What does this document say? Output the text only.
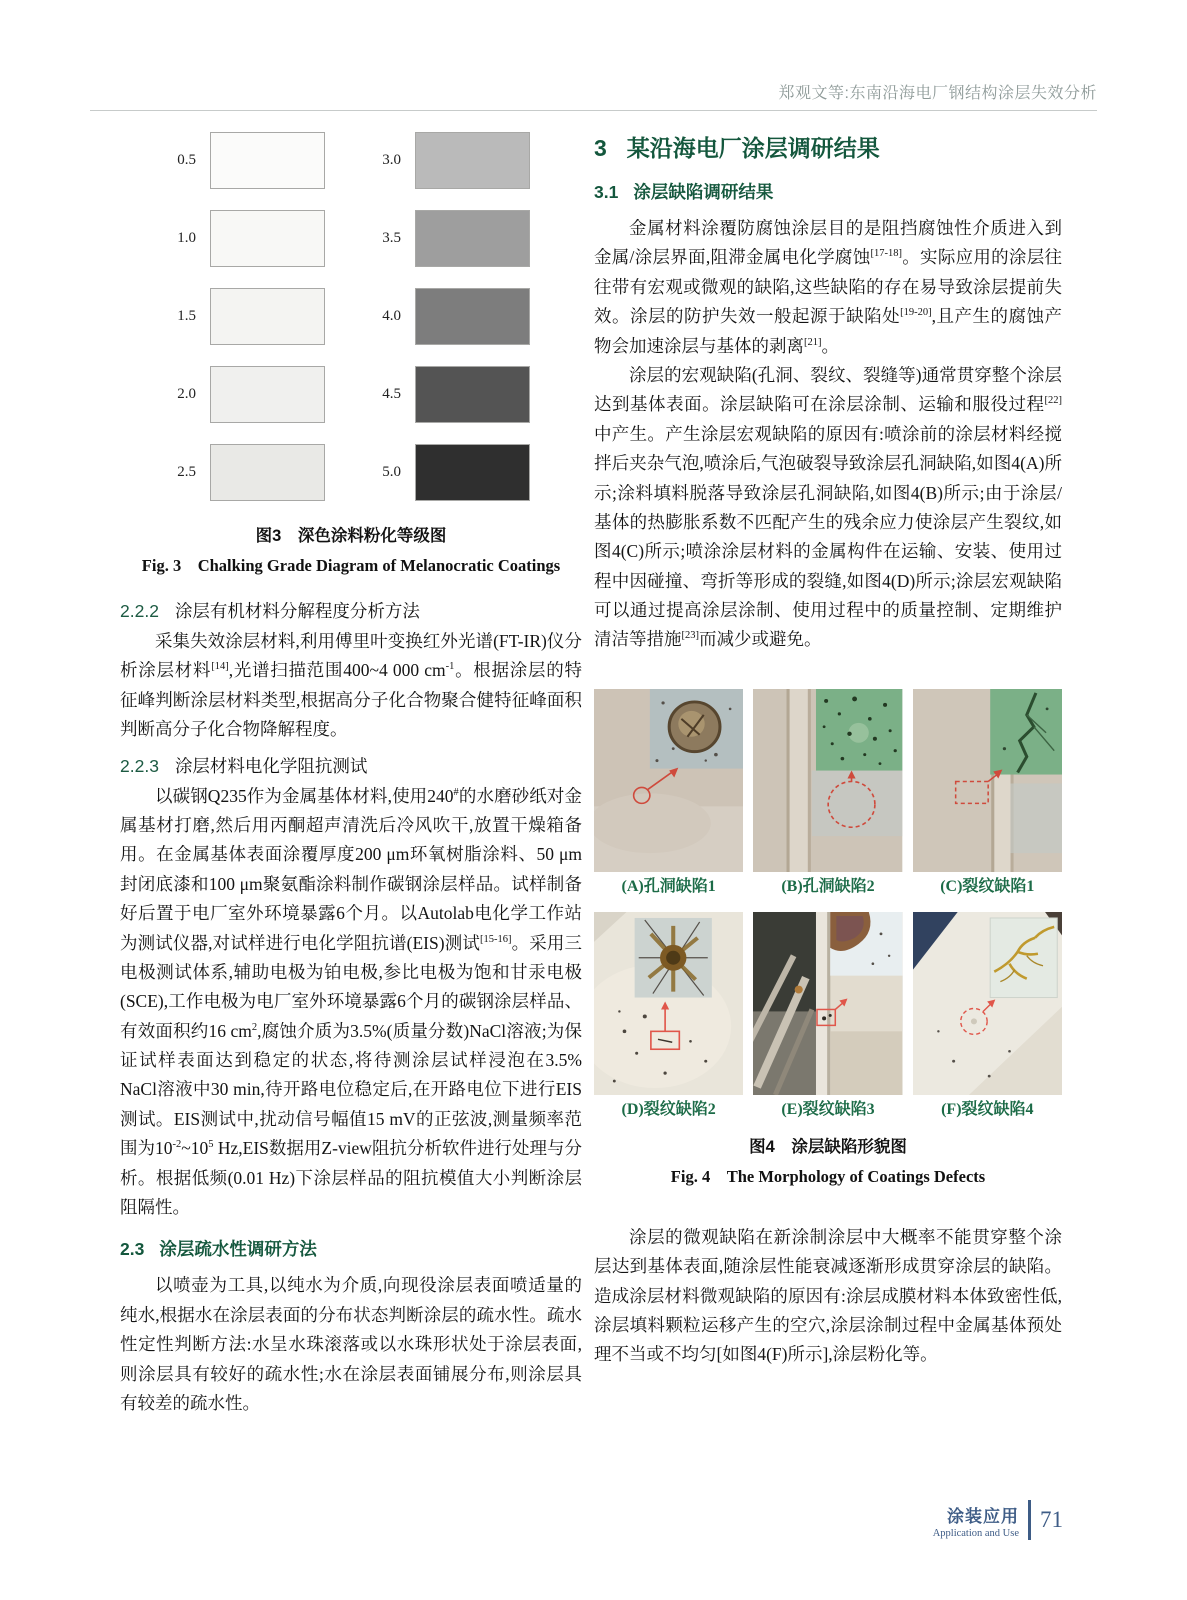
郑观文等:东南沿海电厂钢结构涂层失效分析
0.5	3.0
1.0	3.5
1.5	4.0
2.0	4.5
2.5	5.0
图3　深色涂料粉化等级图
Fig. 3　Chalking Grade Diagram of Melanocratic Coatings
2.2.2 涂层有机材料分解程度分析方法

采集失效涂层材料,利用傅里叶变换红外光谱(FT-IR)仪分析涂层材料[14],光谱扫描范围400~4 000 $cm^{-1}$。根据涂层的特征峰判断涂层材料类型,根据高分子化合物聚合健特征峰面积判断高分子化合物降解程度。

2.2.3 涂层材料电化学阻抗测试

以碳钢Q235作为金属基体材料,使用240#的水磨砂纸对金属基材打磨,然后用丙酮超声清洗后冷风吹干,放置干燥箱备用。在金属基体表面涂覆厚度200 μm环氧树脂涂料、50 μm封闭底漆和100 μm聚氨酯涂料制作碳钢涂层样品。试样制备好后置于电厂室外环境暴露6个月。以Autolab电化学工作站为测试仪器,对试样进行电化学阻抗谱(EIS)测试[15-16]。采用三电极测试体系,辅助电极为铂电极,参比电极为饱和甘汞电极(SCE),工作电极为电厂室外环境暴露6个月的碳钢涂层样品、有效面积约16 $cm^2$,腐蚀介质为3.5%(质量分数)NaCl溶液;为保证试样表面达到稳定的状态,将待测涂层试样浸泡在3.5% NaCl溶液中30 min,待开路电位稳定后,在开路电位下进行EIS测试。EIS测试中,扰动信号幅值15 mV的正弦波,测量频率范围为$10^{-2}\sim 10^5$ Hz,EIS数据用Z-view阻抗分析软件进行处理与分析。根据低频(0.01 Hz)下涂层样品的阻抗模值大小判断涂层阻隔性。

2.3 涂层疏水性调研方法

以喷壶为工具,以纯水为介质,向现役涂层表面喷适量的纯水,根据水在涂层表面的分布状态判断涂层的疏水性。疏水性定性判断方法:水呈水珠滚落或以水珠形状处于涂层表面,则涂层具有较好的疏水性;水在涂层表面铺展分布,则涂层具有较差的疏水性。

3 某沿海电厂涂层调研结果
3.1 涂层缺陷调研结果

金属材料涂覆防腐蚀涂层目的是阻挡腐蚀性介质进入到金属/涂层界面,阻滞金属电化学腐蚀[17-18]。实际应用的涂层往往带有宏观或微观的缺陷,这些缺陷的存在易导致涂层提前失效。涂层的防护失效一般起源于缺陷处[19-20],且产生的腐蚀产物会加速涂层与基体的剥离[21]。

涂层的宏观缺陷(孔洞、裂纹、裂缝等)通常贯穿整个涂层达到基体表面。涂层缺陷可在涂层涂制、运输和服役过程[22]中产生。产生涂层宏观缺陷的原因有:喷涂前的涂层材料经搅拌后夹杂气泡,喷涂后,气泡破裂导致涂层孔洞缺陷,如图4(A)所示;涂料填料脱落导致涂层孔洞缺陷,如图4(B)所示;由于涂层/基体的热膨胀系数不匹配产生的残余应力使涂层产生裂纹,如图4(C)所示;喷涂涂层材料的金属构件在运输、安装、使用过程中因碰撞、弯折等形成的裂缝,如图4(D)所示;涂层宏观缺陷可以通过提高涂层涂制、使用过程中的质量控制、定期维护清洁等措施[23]而减少或避免。

(A)孔洞缺陷1	(B)孔洞缺陷2	(C)裂纹缺陷1
(D)裂纹缺陷2	(E)裂纹缺陷3	(F)裂纹缺陷4
图4　涂层缺陷形貌图
Fig. 4　The Morphology of Coatings Defects

涂层的微观缺陷在新涂制涂层中大概率不能贯穿整个涂层达到基体表面,随涂层性能衰减逐渐形成贯穿涂层的缺陷。造成涂层材料微观缺陷的原因有:涂层成膜材料本体致密性低,涂层填料颗粒运移产生的空穴,涂层涂制过程中金属基体预处理不当或不均匀[如图4(F)所示],涂层粉化等。

涂装应用
Application and Use
71
